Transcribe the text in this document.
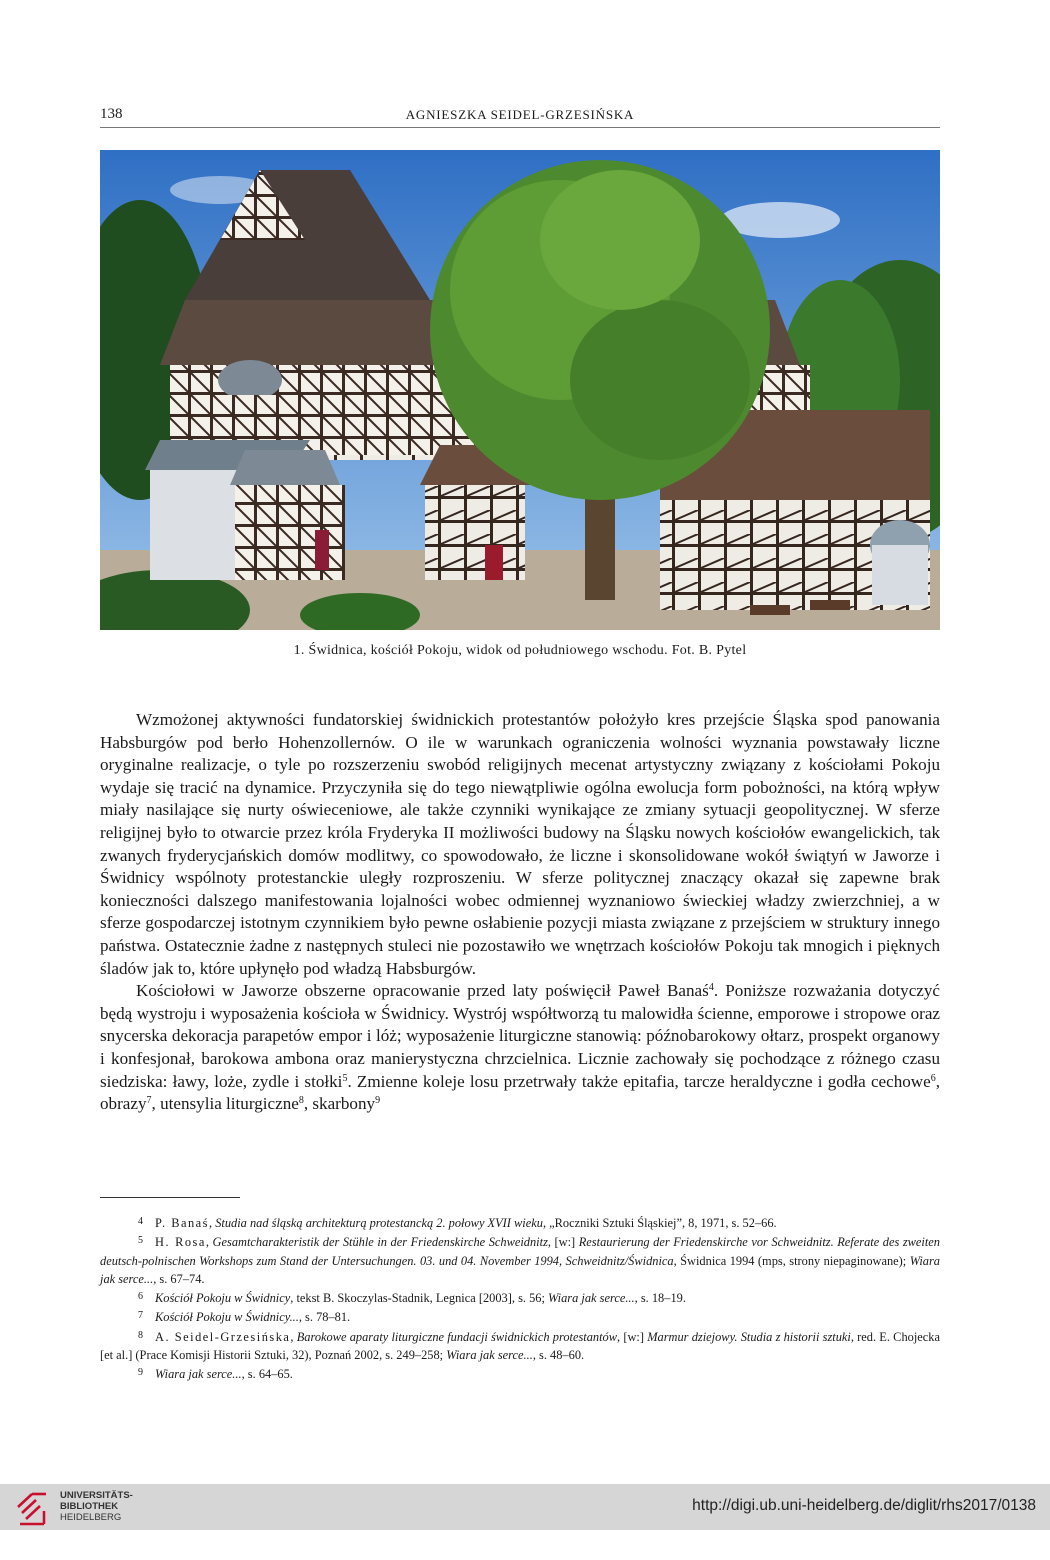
138	AGNIESZKA SEIDEL-GRZESIŃSKA
1. Świdnica, kościół Pokoju, widok od południowego wschodu. Fot. B. Pytel

Wzmożonej aktywności fundatorskiej świdnickich protestantów położyło kres przejście Śląska spod panowania Habsburgów pod berło Hohenzollernów. O ile w warunkach ograniczenia wolności wyznania powstawały liczne oryginalne realizacje, o tyle po rozszerzeniu swobód religijnych mecenat artystyczny związany z kościołami Pokoju wydaje się tracić na dynamice. Przyczyniła się do tego niewątpliwie ogólna ewolucja form pobożności, na którą wpływ miały nasilające się nurty oświeceniowe, ale także czynniki wynikające ze zmiany sytuacji geopolitycznej. W sferze religijnej było to otwarcie przez króla Fryderyka II możliwości budowy na Śląsku nowych kościołów ewangelickich, tak zwanych fryderycjańskich domów modlitwy, co spowodowało, że liczne i skonsolidowane wokół świątyń w Jaworze i Świdnicy wspólnoty protestanckie uległy rozproszeniu. W sferze politycznej znaczący okazał się zapewne brak konieczności dalszego manifestowania lojalności wobec odmiennej wyznaniowo świeckiej władzy zwierzchniej, a w sferze gospodarczej istotnym czynnikiem było pewne osłabienie pozycji miasta związane z przejściem w struktury innego państwa. Ostatecznie żadne z następnych stuleci nie pozostawiło we wnętrzach kościołów Pokoju tak mnogich i pięknych śladów jak to, które upłynęło pod władzą Habsburgów.

Kościołowi w Jaworze obszerne opracowanie przed laty poświęcił Paweł Banaś$^4$. Poniższe rozważania dotyczyć będą wystroju i wyposażenia kościoła w Świdnicy. Wystrój współtworzą tu malowidła ścienne, emporowe i stropowe oraz snycerska dekoracja parapetów empor i lóż; wyposażenie liturgiczne stanowią: późnobarokowy ołtarz, prospekt organowy i konfesjonał, barokowa ambona oraz manierystyczna chrzcielnica. Licznie zachowały się pochodzące z różnego czasu siedziska: ławy, loże, zydle i stołki$^5$. Zmienne koleje losu przetrwały także epitafia, tarcze heraldyczne i godła cechowe$^6$, obrazy$^7$, utensylia liturgiczne$^8$, skarbony$^9$

4 P. Banaś, Studia nad śląską architekturą protestancką 2. połowy XVII wieku, „Roczniki Sztuki Śląskiej”, 8, 1971, s. 52–66.

5 H. Rosa, Gesamtcharakteristik der Stühle in der Friedenskirche Schweidnitz, [w:] Restaurierung der Friedenskirche vor Schweidnitz. Referate des zweiten deutsch-polnischen Workshops zum Stand der Untersuchungen. 03. und 04. November 1994, Schweidnitz/Świdnica, Świdnica 1994 (mps, strony niepaginowane); Wiara jak serce..., s. 67–74.

6 Kościół Pokoju w Świdnicy, tekst B. Skoczylas-Stadnik, Legnica [2003], s. 56; Wiara jak serce..., s. 18–19.

7 Kościół Pokoju w Świdnicy..., s. 78–81.

8 A. Seidel-Grzesińska, Barokowe aparaty liturgiczne fundacji świdnickich protestantów, [w:] Marmur dziejowy. Studia z historii sztuki, red. E. Chojecka [et al.] (Prace Komisji Historii Sztuki, 32), Poznań 2002, s. 249–258; Wiara jak serce..., s. 48–60.

9 Wiara jak serce..., s. 64–65.

UNIVERSITÄTS-
BIBLIOTHEK
HEIDELBERG
http://digi.ub.uni-heidelberg.de/diglit/rhs2017/0138
